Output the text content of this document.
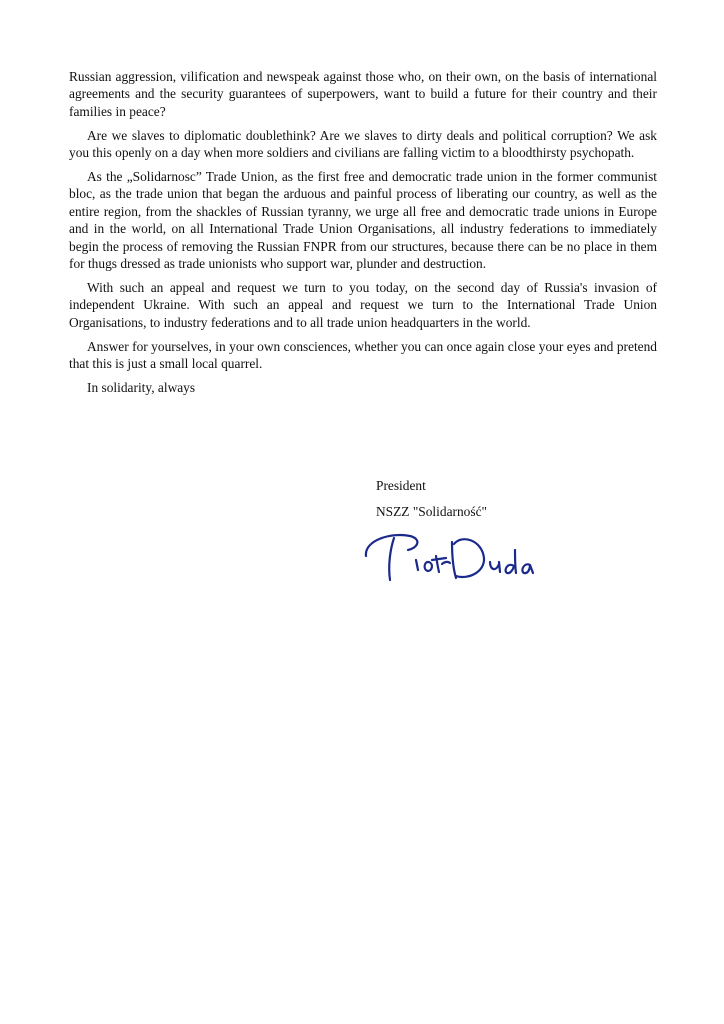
Russian aggression, vilification and newspeak against those who, on their own, on the basis of international agreements and the security guarantees of superpowers, want to build a future for their country and their families in peace?

Are we slaves to diplomatic doublethink? Are we slaves to dirty deals and political corruption? We ask you this openly on a day when more soldiers and civilians are falling victim to a bloodthirsty psychopath.

As the „Solidarnosc” Trade Union, as the first free and democratic trade union in the former communist bloc, as the trade union that began the arduous and painful process of liberating our country, as well as the entire region, from the shackles of Russian tyranny, we urge all free and democratic trade unions in Europe and in the world, on all International Trade Union Organisations, all industry federations to immediately begin the process of removing the Russian FNPR from our structures, because there can be no place in them for thugs dressed as trade unionists who support war, plunder and destruction.

With such an appeal and request we turn to you today, on the second day of Russia's invasion of independent Ukraine. With such an appeal and request we turn to the International Trade Union Organisations, to industry federations and to all trade union headquarters in the world.

Answer for yourselves, in your own consciences, whether you can once again close your eyes and pretend that this is just a small local quarrel.

In solidarity, always

President
NSZZ "Solidarność"
